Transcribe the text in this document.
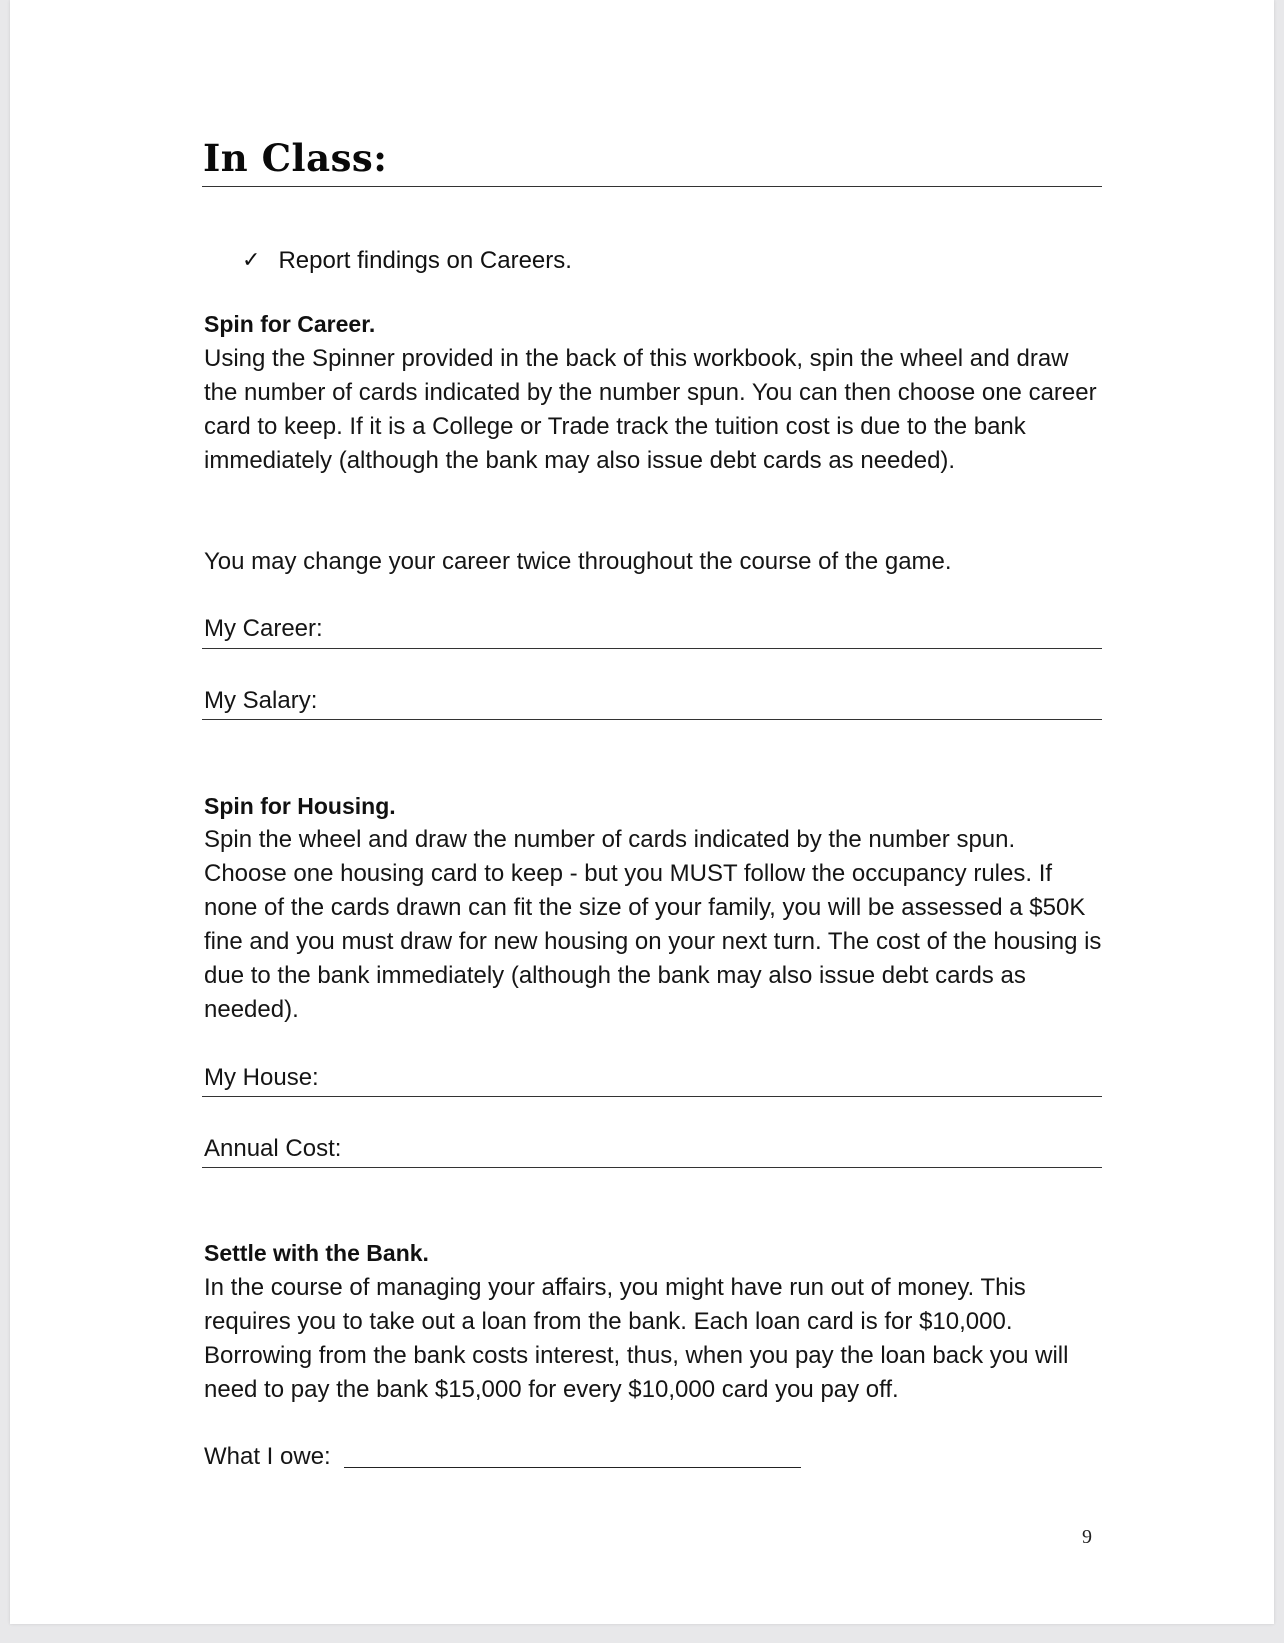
In Class:
✓ Report findings on Careers.
Spin for Career.
Using the Spinner provided in the back of this workbook, spin the wheel and draw the number of cards indicated by the number spun. You can then choose one career card to keep. If it is a College or Trade track the tuition cost is due to the bank immediately (although the bank may also issue debt cards as needed).
You may change your career twice throughout the course of the game.
My Career:
My Salary:
Spin for Housing.
Spin the wheel and draw the number of cards indicated by the number spun. Choose one housing card to keep - but you MUST follow the occupancy rules. If none of the cards drawn can fit the size of your family, you will be assessed a $50K fine and you must draw for new housing on your next turn. The cost of the housing is due to the bank immediately (although the bank may also issue debt cards as needed).
My House:
Annual Cost:
Settle with the Bank.
In the course of managing your affairs, you might have run out of money. This requires you to take out a loan from the bank. Each loan card is for $10,000. Borrowing from the bank costs interest, thus, when you pay the loan back you will need to pay the bank $15,000 for every $10,000 card you pay off.
What I owe:
9
